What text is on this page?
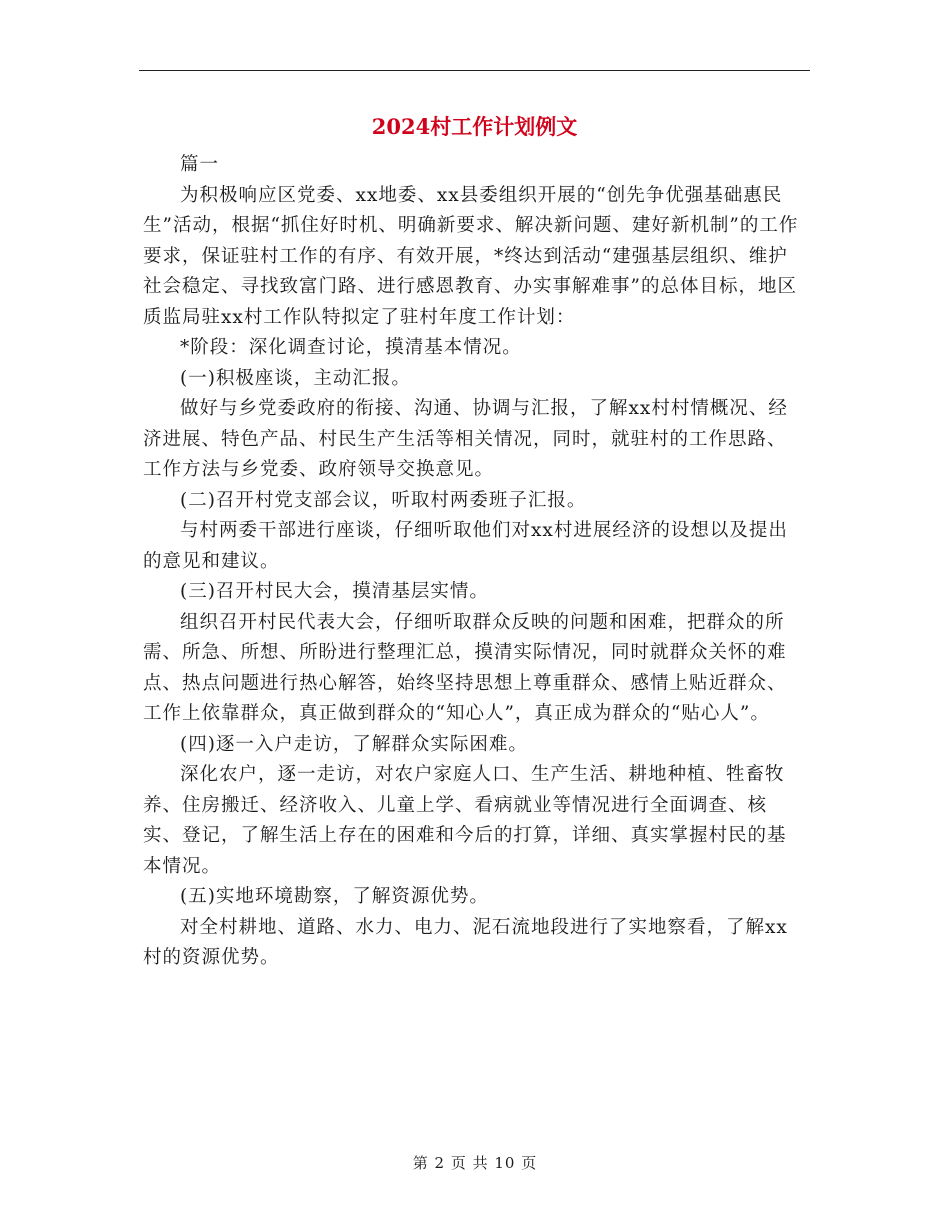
2024村工作计划例文

篇一

为积极响应区党委、xx地委、xx县委组织开展的“创先争优强基础惠民生”活动，根据“抓住好时机、明确新要求、解决新问题、建好新机制”的工作要求，保证驻村工作的有序、有效开展，*终达到活动“建强基层组织、维护社会稳定、寻找致富门路、进行感恩教育、办实事解难事”的总体目标，地区质监局驻xx村工作队特拟定了驻村年度工作计划：

*阶段：深化调查讨论，摸清基本情况。

(一)积极座谈，主动汇报。

做好与乡党委政府的衔接、沟通、协调与汇报，了解xx村村情概况、经济进展、特色产品、村民生产生活等相关情况，同时，就驻村的工作思路、工作方法与乡党委、政府领导交换意见。

(二)召开村党支部会议，听取村两委班子汇报。

与村两委干部进行座谈，仔细听取他们对xx村进展经济的设想以及提出的意见和建议。

(三)召开村民大会，摸清基层实情。

组织召开村民代表大会，仔细听取群众反映的问题和困难，把群众的所需、所急、所想、所盼进行整理汇总，摸清实际情况，同时就群众关怀的难点、热点问题进行热心解答，始终坚持思想上尊重群众、感情上贴近群众、工作上依靠群众，真正做到群众的“知心人”，真正成为群众的“贴心人”。

(四)逐一入户走访，了解群众实际困难。

深化农户，逐一走访，对农户家庭人口、生产生活、耕地种植、牲畜牧养、住房搬迁、经济收入、儿童上学、看病就业等情况进行全面调查、核实、登记，了解生活上存在的困难和今后的打算，详细、真实掌握村民的基本情况。

(五)实地环境勘察，了解资源优势。

对全村耕地、道路、水力、电力、泥石流地段进行了实地察看，了解xx村的资源优势。

第 2 页 共 10 页
